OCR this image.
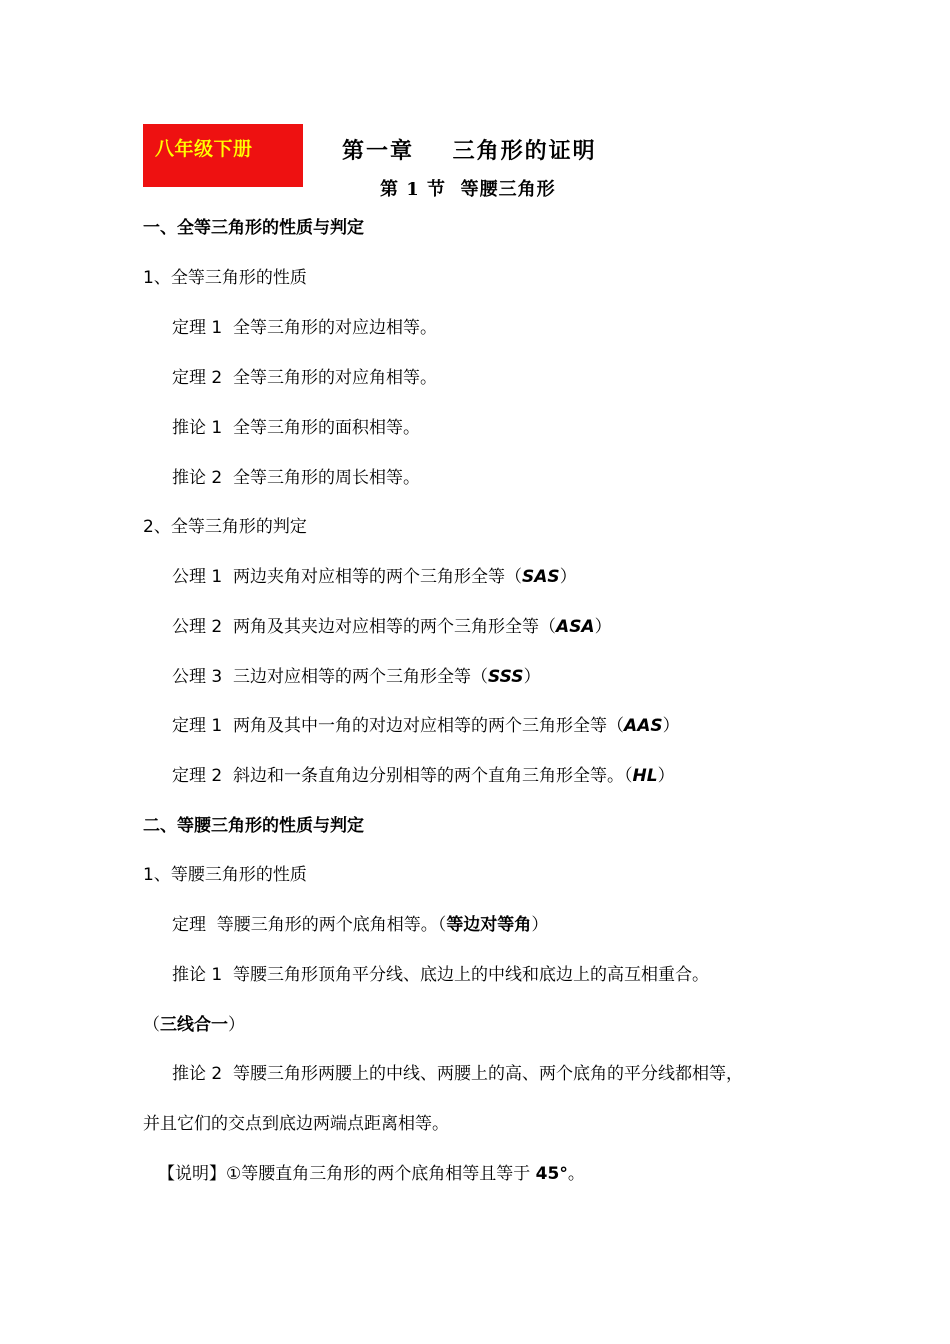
八年级下册	第一章    三角形的证明
第 1 节  等腰三角形
一、全等三角形的性质与判定
1、全等三角形的性质
定理 1  全等三角形的对应边相等。
定理 2  全等三角形的对应角相等。
推论 1  全等三角形的面积相等。
推论 2  全等三角形的周长相等。
2、全等三角形的判定
公理 1  两边夹角对应相等的两个三角形全等（SAS）
公理 2  两角及其夹边对应相等的两个三角形全等（ASA）
公理 3  三边对应相等的两个三角形全等（SSS）
定理 1  两角及其中一角的对边对应相等的两个三角形全等（AAS）
定理 2  斜边和一条直角边分别相等的两个直角三角形全等。（HL）
二、等腰三角形的性质与判定
1、等腰三角形的性质
定理  等腰三角形的两个底角相等。（等边对等角）
推论 1  等腰三角形顶角平分线、底边上的中线和底边上的高互相重合。
（三线合一）
推论 2  等腰三角形两腰上的中线、两腰上的高、两个底角的平分线都相等，
并且它们的交点到底边两端点距离相等。
【说明】①等腰直角三角形的两个底角相等且等于 45°。
